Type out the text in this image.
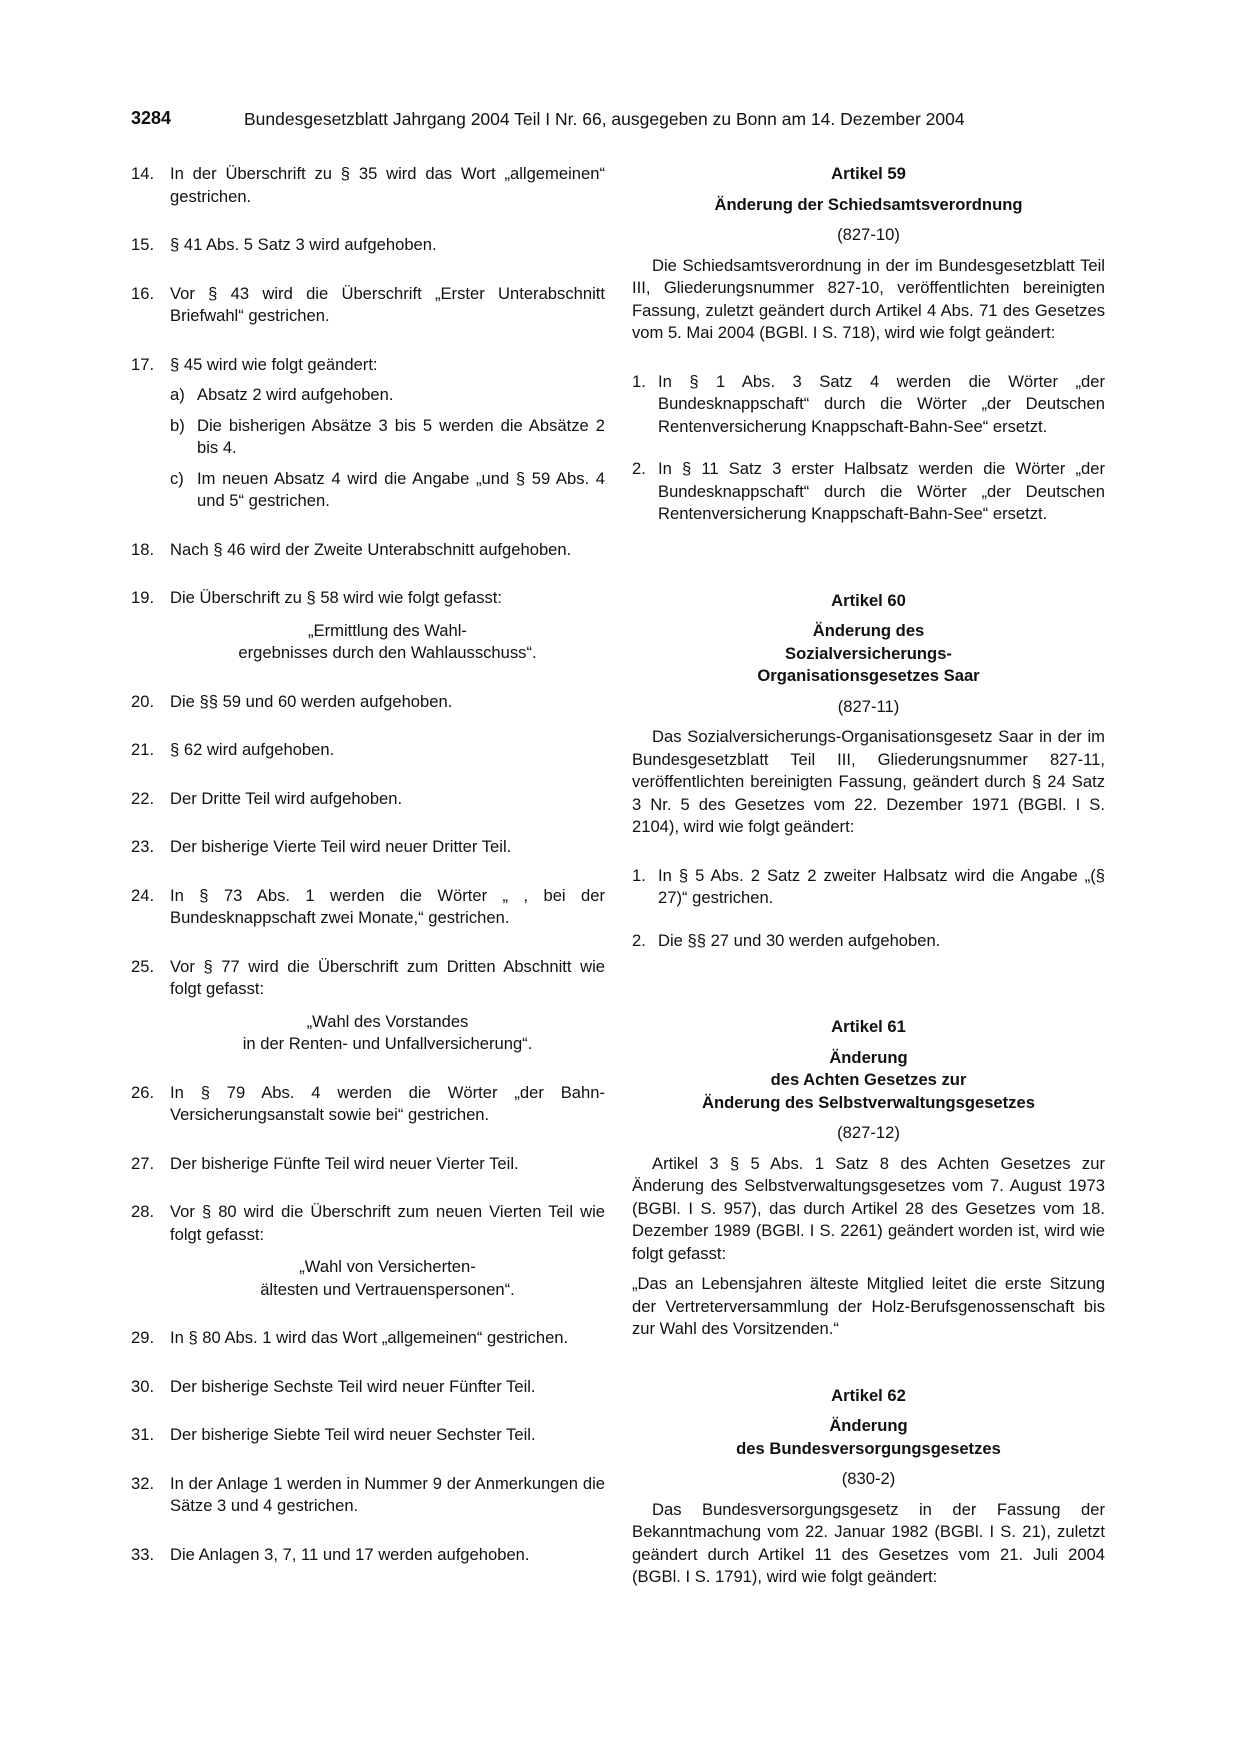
3284	Bundesgesetzblatt Jahrgang 2004 Teil I Nr. 66, ausgegeben zu Bonn am 14. Dezember 2004
14. In der Überschrift zu § 35 wird das Wort „allgemeinen“ gestrichen.
15. § 41 Abs. 5 Satz 3 wird aufgehoben.
16. Vor § 43 wird die Überschrift „Erster Unterabschnitt Briefwahl“ gestrichen.
17. § 45 wird wie folgt geändert:
a) Absatz 2 wird aufgehoben.
b) Die bisherigen Absätze 3 bis 5 werden die Absätze 2 bis 4.
c) Im neuen Absatz 4 wird die Angabe „und § 59 Abs. 4 und 5“ gestrichen.
18. Nach § 46 wird der Zweite Unterabschnitt aufgehoben.
19. Die Überschrift zu § 58 wird wie folgt gefasst:
„Ermittlung des Wahl-
ergebnisses durch den Wahlausschuss“.
20. Die §§ 59 und 60 werden aufgehoben.
21. § 62 wird aufgehoben.
22. Der Dritte Teil wird aufgehoben.
23. Der bisherige Vierte Teil wird neuer Dritter Teil.
24. In § 73 Abs. 1 werden die Wörter „ , bei der Bundesknappschaft zwei Monate,“ gestrichen.
25. Vor § 77 wird die Überschrift zum Dritten Abschnitt wie folgt gefasst:
„Wahl des Vorstandes
in der Renten- und Unfallversicherung“.
26. In § 79 Abs. 4 werden die Wörter „der Bahn-Versicherungsanstalt sowie bei“ gestrichen.
27. Der bisherige Fünfte Teil wird neuer Vierter Teil.
28. Vor § 80 wird die Überschrift zum neuen Vierten Teil wie folgt gefasst:
„Wahl von Versicherten-
ältesten und Vertrauenspersonen“.
29. In § 80 Abs. 1 wird das Wort „allgemeinen“ gestrichen.
30. Der bisherige Sechste Teil wird neuer Fünfter Teil.
31. Der bisherige Siebte Teil wird neuer Sechster Teil.
32. In der Anlage 1 werden in Nummer 9 der Anmerkungen die Sätze 3 und 4 gestrichen.
33. Die Anlagen 3, 7, 11 und 17 werden aufgehoben.
Artikel 59
Änderung der Schiedsamtsverordnung
(827-10)
Die Schiedsamtsverordnung in der im Bundesgesetzblatt Teil III, Gliederungsnummer 827-10, veröffentlichten bereinigten Fassung, zuletzt geändert durch Artikel 4 Abs. 71 des Gesetzes vom 5. Mai 2004 (BGBl. I S. 718), wird wie folgt geändert:
1. In § 1 Abs. 3 Satz 4 werden die Wörter „der Bundesknappschaft“ durch die Wörter „der Deutschen Rentenversicherung Knappschaft-Bahn-See“ ersetzt.
2. In § 11 Satz 3 erster Halbsatz werden die Wörter „der Bundesknappschaft“ durch die Wörter „der Deutschen Rentenversicherung Knappschaft-Bahn-See“ ersetzt.
Artikel 60
Änderung des
Sozialversicherungs-
Organisationsgesetzes Saar
(827-11)
Das Sozialversicherungs-Organisationsgesetz Saar in der im Bundesgesetzblatt Teil III, Gliederungsnummer 827-11, veröffentlichten bereinigten Fassung, geändert durch § 24 Satz 3 Nr. 5 des Gesetzes vom 22. Dezember 1971 (BGBl. I S. 2104), wird wie folgt geändert:
1. In § 5 Abs. 2 Satz 2 zweiter Halbsatz wird die Angabe „(§ 27)“ gestrichen.
2. Die §§ 27 und 30 werden aufgehoben.
Artikel 61
Änderung
des Achten Gesetzes zur
Änderung des Selbstverwaltungsgesetzes
(827-12)
Artikel 3 § 5 Abs. 1 Satz 8 des Achten Gesetzes zur Änderung des Selbstverwaltungsgesetzes vom 7. August 1973 (BGBl. I S. 957), das durch Artikel 28 des Gesetzes vom 18. Dezember 1989 (BGBl. I S. 2261) geändert worden ist, wird wie folgt gefasst:
„Das an Lebensjahren älteste Mitglied leitet die erste Sitzung der Vertreterversammlung der Holz-Berufsgenossenschaft bis zur Wahl des Vorsitzenden.“
Artikel 62
Änderung
des Bundesversorgungsgesetzes
(830-2)
Das Bundesversorgungsgesetz in der Fassung der Bekanntmachung vom 22. Januar 1982 (BGBl. I S. 21), zuletzt geändert durch Artikel 11 des Gesetzes vom 21. Juli 2004 (BGBl. I S. 1791), wird wie folgt geändert:
